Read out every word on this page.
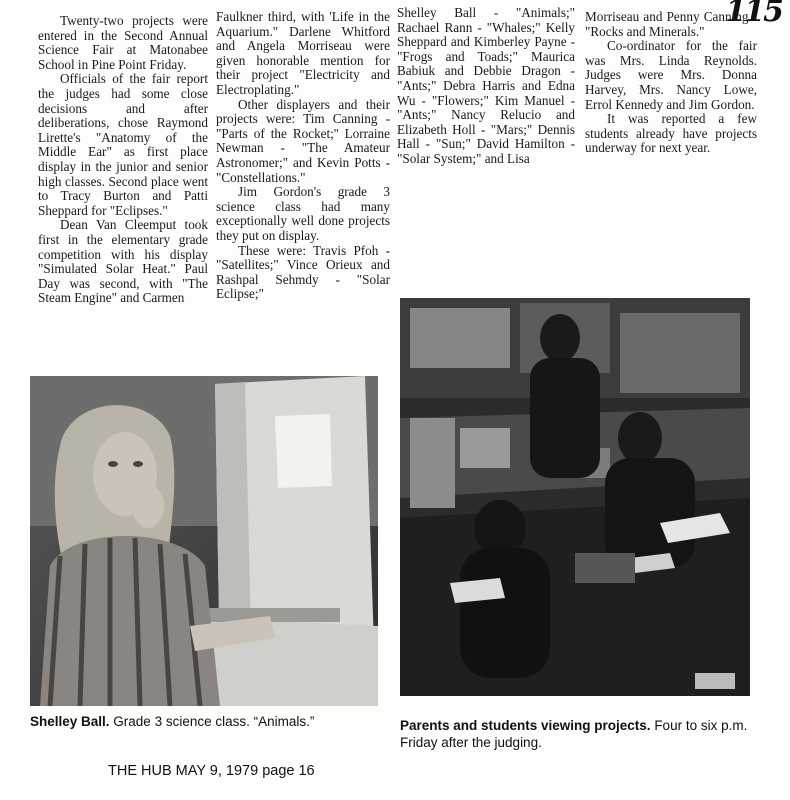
115

Twenty-two projects were entered in the Second Annual Science Fair at Matonabee School in Pine Point Friday.

Officials of the fair report the judges had some close decisions and after deliberations, chose Raymond Lirette's "Anatomy of the Middle Ear" as first place display in the junior and senior high classes. Second place went to Tracy Burton and Patti Sheppard for "Eclipses."

Dean Van Cleemput took first in the elementary grade competition with his display "Simulated Solar Heat." Paul Day was second, with "The Steam Engine" and Carmen

Faulkner third, with 'Life in the Aquarium." Darlene Whitford and Angela Morriseau were given honorable mention for their project "Electricity and Electroplating."

Other displayers and their projects were: Tim Canning - "Parts of the Rocket;'' Lorraine Newman - "The Amateur Astronomer;" and Kevin Potts - "Constellations."

Jim Gordon's grade 3 science class had many exceptionally well done projects they put on display.

These were: Travis Pfoh - "Satellites;" Vince Orieux and Rashpal Sehmdy - "Solar Eclipse;"

Shelley Ball - "Animals;" Rachael Rann - "Whales;" Kelly Sheppard and Kimberley Payne - "Frogs and Toads;" Maurica Babiuk and Debbie Dragon - "Ants;" Debra Harris and Edna Wu - "Flowers;" Kim Manuel - "Ants;" Nancy Relucio and Elizabeth Holl - "Mars;" Dennis Hall - "Sun;" David Hamilton - "Solar System;" and Lisa

Morriseau and Penny Canning - "Rocks and Minerals."

Co-ordinator for the fair was Mrs. Linda Reynolds. Judges were Mrs. Donna Harvey, Mrs. Nancy Lowe, Errol Kennedy and Jim Gordon.

It was reported a few students already have projects underway for next year.

Shelley Ball. Grade 3 science class. “Animals.”	Parents and students viewing projects. Four to six p.m. Friday after the judging.
THE HUB MAY 9, 1979 page 16
